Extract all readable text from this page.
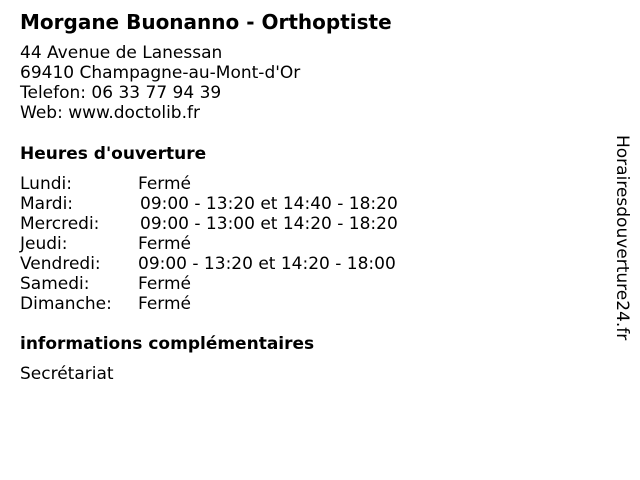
Morgane Buonanno - Orthoptiste
44 Avenue de Lanessan
69410 Champagne-au-Mont-d'Or
Telefon: 06 33 77 94 39
Web: www.doctolib.fr
Heures d'ouverture
Lundi:	Fermé
Mardi:	09:00 - 13:20 et 14:40 - 18:20
Mercredi: 09:00 - 13:00 et 14:20 - 18:20
Jeudi:	Fermé
Vendredi: 09:00 - 13:20 et 14:20 - 18:00
Samedi:	Fermé
Dimanche: Fermé
informations complémentaires
Secrétariat
Horairesdouverture24.fr
